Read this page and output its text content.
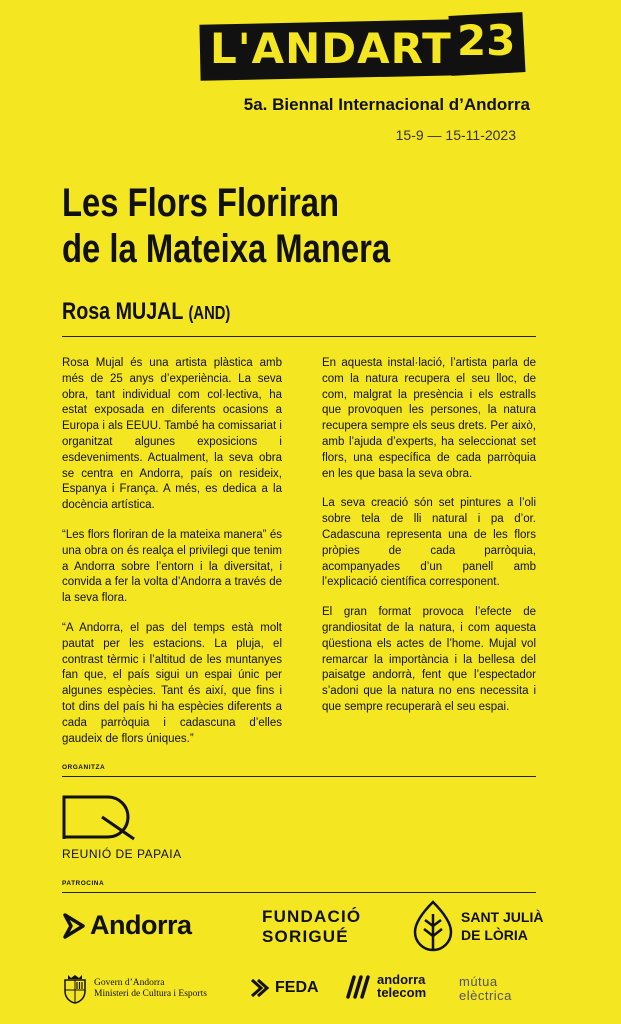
L'ANDART 23
5a. Biennal Internacional d’Andorra
15-9 — 15-11-2023
Les Flors Floriran
de la Mateixa Manera
Rosa MUJAL (AND)

Rosa Mujal és una artista plàstica amb més de 25 anys d’experiència. La seva obra, tant individual com col·lectiva, ha estat exposada en diferents ocasions a Europa i als EEUU. També ha comissariat i organitzat algunes exposicions i esdeveniments. Actualment, la seva obra se centra en Andorra, país on resideix, Espanya i França. A més, es dedica a la docència artística.

“Les flors floriran de la mateixa manera” és una obra on és realça el privilegi que tenim a Andorra sobre l’entorn i la diversitat, i convida a fer la volta d’Andorra a través de la seva flora.

“A Andorra, el pas del temps està molt pautat per les estacions. La pluja, el contrast tèrmic i l’altitud de les muntanyes fan que, el país sigui un espai únic per algunes espècies. Tant és així, que fins i tot dins del país hi ha espècies diferents a cada parròquia i cadascuna d’elles gaudeix de flors úniques.”

En aquesta instal·lació, l’artista parla de com la natura recupera el seu lloc, de com, malgrat la presència i els estralls que provoquen les persones, la natura recupera sempre els seus drets. Per això, amb l’ajuda d’experts, ha seleccionat set flors, una específica de cada parròquia en les que basa la seva obra.

La seva creació són set pintures a l’oli sobre tela de lli natural i pa d’or. Cadascuna representa una de les flors pròpies de cada parròquia, acompanyades d’un panell amb l’explicació científica corresponent.

El gran format provoca l’efecte de grandiositat de la natura, i com aquesta qüestiona els actes de l’home. Mujal vol remarcar la importància i la bellesa del paisatge andorrà, fent que l’espectador s’adoni que la natura no ens necessita i que sempre recuperarà el seu espai.

ORGANITZA
REUNIÓ DE PAPAIA
PATROCINA
Andorra	FUNDACIÓ
SORIGUÉ
SANT JULIÀ
DE LÒRIA
Govern d’Andorra
Ministeri de Cultura i Esports	FEDA	andorra
telecom
mútua
elèctrica
